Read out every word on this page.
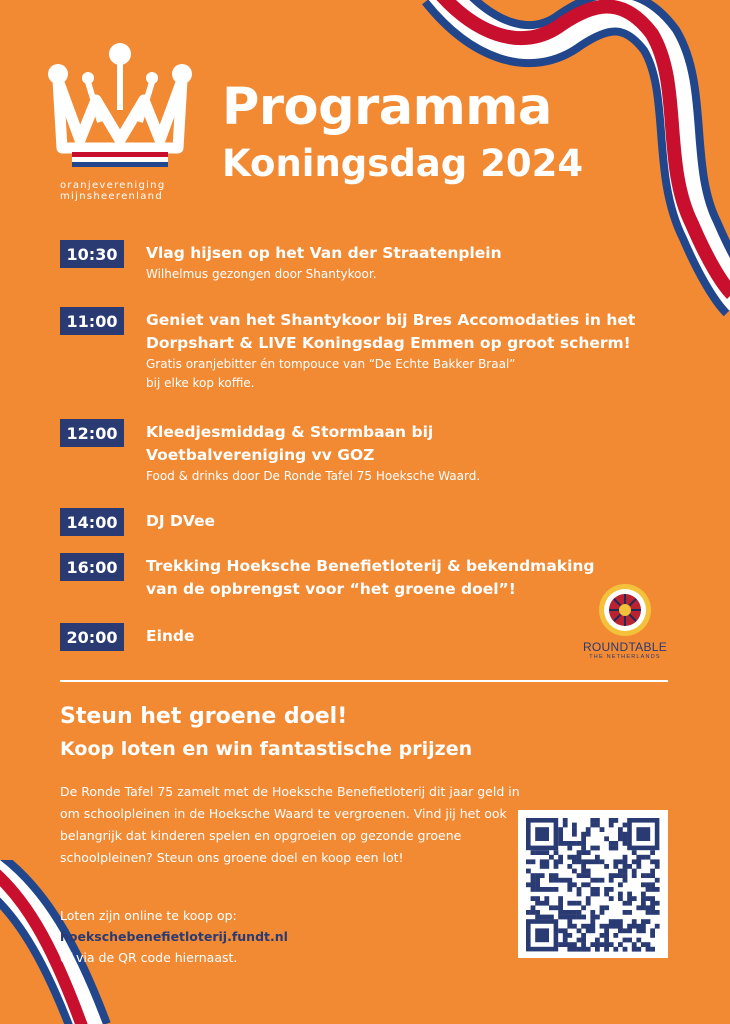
oranjevereniging
mijnsheerenland
Programma
Koningsdag 2024
10:30	Vlag hijsen op het Van der Straatenplein
Wilhelmus gezongen door Shantykoor.
11:00	Geniet van het Shantykoor bij Bres Accomodaties in het Dorpshart & LIVE Koningsdag Emmen op groot scherm!
Gratis oranjebitter én tompouce van “De Echte Bakker Braal”
bij elke kop koffie.
12:00	Kleedjesmiddag & Stormbaan bij Voetbalvereniging vv GOZ
Food & drinks door De Ronde Tafel 75 Hoeksche Waard.
14:00	DJ DVee
16:00	Trekking Hoeksche Benefietloterij & bekendmaking van de opbrengst voor “het groene doel”!
20:00	Einde
ROUNDTABLE
THE NETHERLANDS
Steun het groene doel!
Koop loten en win fantastische prijzen
De Ronde Tafel 75 zamelt met de Hoeksche Benefietloterij dit jaar geld in om schoolpleinen in de Hoeksche Waard te vergroenen. Vind jij het ook belangrijk dat kinderen spelen en opgroeien op gezonde groene schoolpleinen? Steun ons groene doel en koop een lot!
Loten zijn online te koop op:
hoekschebenefietloterij.fundt.nl
of via de QR code hiernaast.
